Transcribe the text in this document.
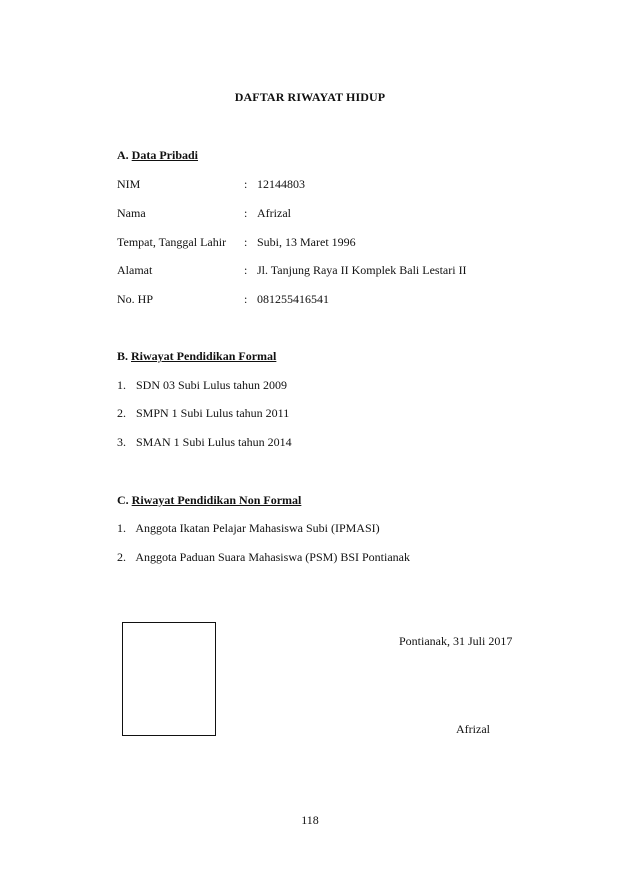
DAFTAR RIWAYAT HIDUP
A. Data Pribadi
NIM	: 12144803
Nama	: Afrizal
Tempat, Tanggal Lahir : Subi, 13 Maret 1996
Alamat	: Jl. Tanjung Raya II Komplek Bali Lestari II
No. HP	: 081255416541
B. Riwayat Pendidikan Formal
1. SDN 03 Subi Lulus tahun 2009
2. SMPN 1 Subi Lulus tahun 2011
3. SMAN 1 Subi Lulus tahun 2014
C. Riwayat Pendidikan Non Formal
1. Anggota Ikatan Pelajar Mahasiswa Subi (IPMASI)
2. Anggota Paduan Suara Mahasiswa (PSM) BSI Pontianak
Pontianak, 31 Juli 2017
Afrizal
118
